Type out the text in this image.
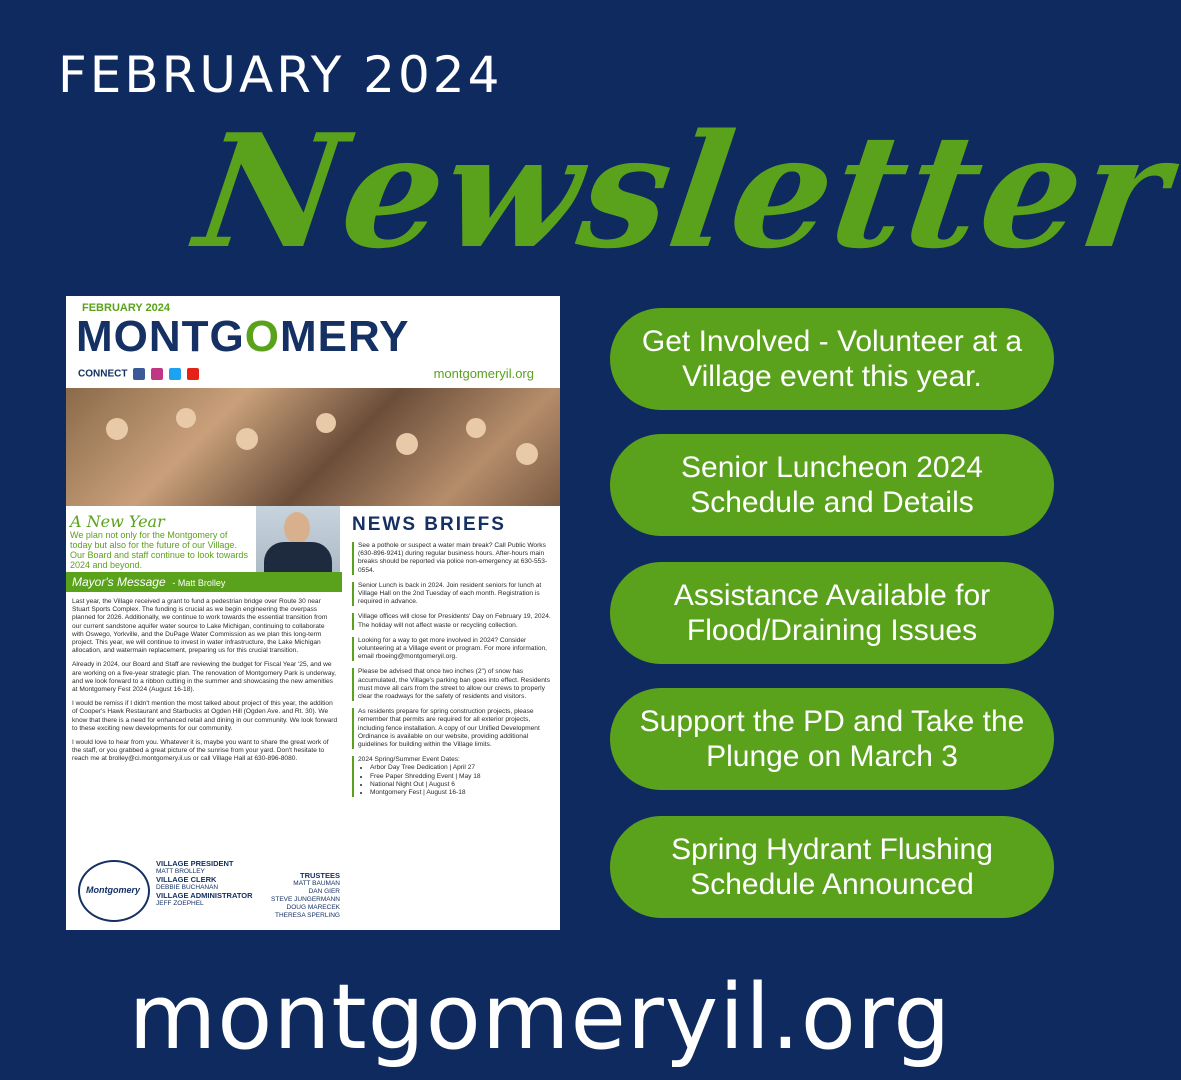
FEBRUARY 2024
Newsletter
FEBRUARY 2024
MONTGOMERY
CONNECT	montgomeryil.org
A New Year
We plan not only for the Montgomery of today but also for the future of our Village. Our Board and staff continue to look towards 2024 and beyond.
Mayor's Message - Matt Brolley

Last year, the Village received a grant to fund a pedestrian bridge over Route 30 near Stuart Sports Complex. The funding is crucial as we begin engineering the overpass planned for 2026. Additionally, we continue to work towards the essential transition from our current sandstone aquifer water source to Lake Michigan, continuing to collaborate with Oswego, Yorkville, and the DuPage Water Commission as we plan this long-term project. This year, we will continue to invest in water infrastructure, the Lake Michigan allocation, and watermain replacement, preparing us for this crucial transition.

Already in 2024, our Board and Staff are reviewing the budget for Fiscal Year '25, and we are working on a five-year strategic plan. The renovation of Montgomery Park is underway, and we look forward to a ribbon cutting in the summer and showcasing the new amenities at Montgomery Fest 2024 (August 16-18).

I would be remiss if I didn't mention the most talked about project of this year, the addition of Cooper's Hawk Restaurant and Starbucks at Ogden Hill (Ogden Ave. and Rt. 30). We know that there is a need for enhanced retail and dining in our community. We look forward to these exciting new developments for our community.

I would love to hear from you. Whatever it is, maybe you want to share the great work of the staff, or you grabbed a great picture of the sunrise from your yard. Don't hesitate to reach me at brolley@ci.montgomery.il.us or call Village Hall at 630-896-8080.

NEWS BRIEFS

See a pothole or suspect a water main break? Call Public Works (630-896-9241) during regular business hours. After-hours main breaks should be reported via police non-emergency at 630-553-0554.

Senior Lunch is back in 2024. Join resident seniors for lunch at Village Hall on the 2nd Tuesday of each month. Registration is required in advance.

Village offices will close for Presidents' Day on February 19, 2024. The holiday will not affect waste or recycling collection.

Looking for a way to get more involved in 2024? Consider volunteering at a Village event or program. For more information, email rboeing@montgomeryil.org.

Please be advised that once two inches (2") of snow has accumulated, the Village's parking ban goes into effect. Residents must move all cars from the street to allow our crews to properly clear the roadways for the safety of residents and visitors.

As residents prepare for spring construction projects, please remember that permits are required for all exterior projects, including fence installation. A copy of our Unified Development Ordinance is available on our website, providing additional guidelines for building within the Village limits.

2024 Spring/Summer Event Dates:
• Arbor Day Tree Dedication | April 27
• Free Paper Shredding Event | May 18
• National Night Out | August 6
• Montgomery Fest | August 16-18
Montgomery
VILLAGE PRESIDENT
MATT BROLLEY
VILLAGE CLERK
DEBBIE BUCHANAN
VILLAGE ADMINISTRATOR
JEFF ZOEPHEL
TRUSTEES
MATT BAUMAN
DAN GIER
STEVE JUNGERMANN
DOUG MARECEK
THERESA SPERLING
Get Involved - Volunteer at a Village event this year.
Senior Luncheon 2024 Schedule and Details
Assistance Available for Flood/Draining Issues
Support the PD and Take the Plunge on March 3
Spring Hydrant Flushing Schedule Announced
montgomeryil.org
